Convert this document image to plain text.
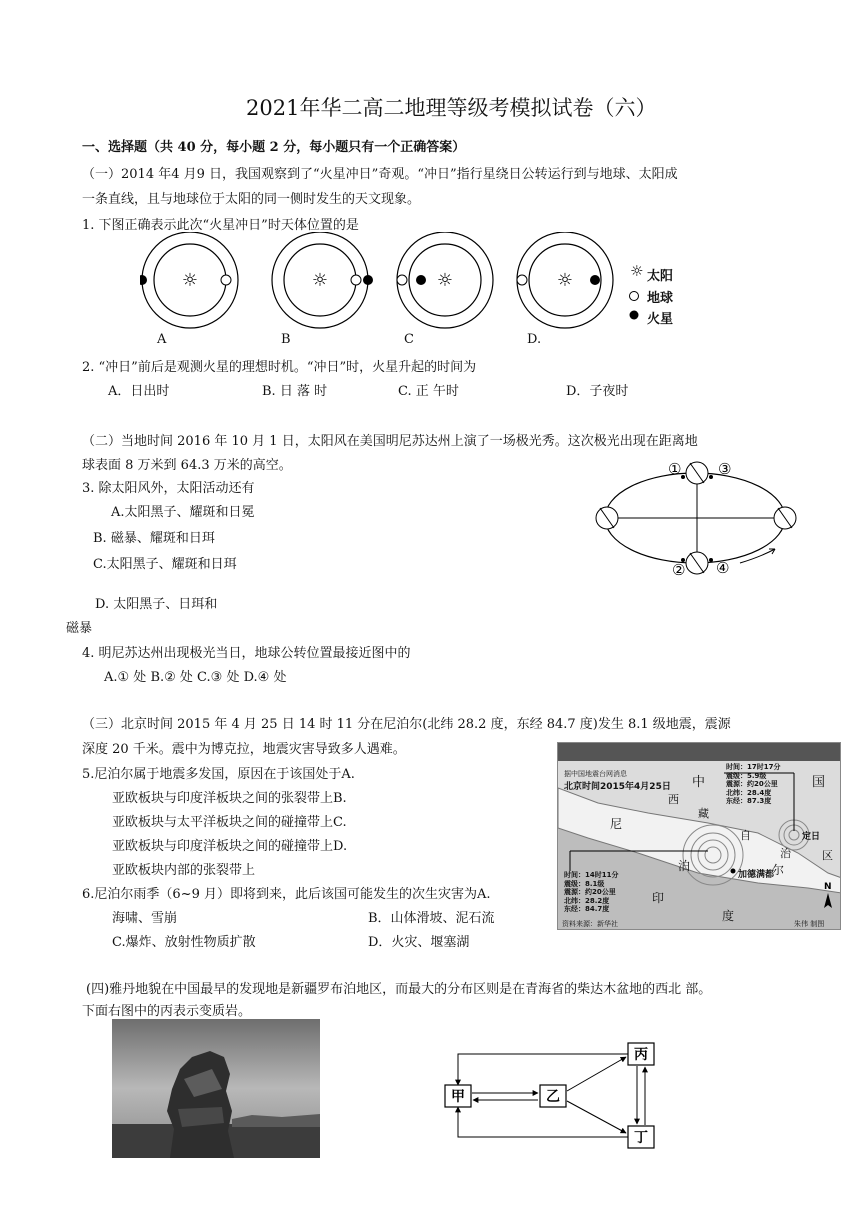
2021年华二高二地理等级考模拟试卷（六）
一、选择题（共 40 分，每小题 2 分，每小题只有一个正确答案）
（一）2014 年4 月9 日，我国观察到了“火星冲日”奇观。“冲日”指行星绕日公转运行到与地球、太阳成
一条直线，且与地球位于太阳的同一侧时发生的天文现象。
1. 下图正确表示此次“火星冲日”时天体位置的是
☼	☼	☼	☼	☼ 太阳
地球
火星
A	B	C	D.
2. “冲日”前后是观测火星的理想时机。“冲日”时，火星升起的时间为
A．日出时	B. 日 落 时	C. 正 午时	D．子夜时
（二）当地时间 2016 年 10 月 1 日，太阳风在美国明尼苏达州上演了一场极光秀。这次极光出现在距离地
球表面 8 万米到 64.3 万米的高空。
3. 除太阳风外，太阳活动还有
A.太阳黑子、耀斑和日冕
B. 磁暴、耀斑和日珥
C.太阳黑子、耀斑和日珥
D. 太阳黑子、日珥和
磁暴
① ③
② ④
4. 明尼苏达州出现极光当日，地球公转位置最接近图中的
A.① 处 B.② 处 C.③ 处 D.④ 处
（三）北京时间 2015 年 4 月 25 日 14 时 11 分在尼泊尔(北纬 28.2 度，东经 84.7 度)发生 8.1 级地震，震源
深度 20 千米。震中为博克拉，地震灾害导致多人遇难。
5.尼泊尔属于地震多发国，原因在于该国处于A.
亚欧板块与印度洋板块之间的张裂带上B.
亚欧板块与太平洋板块之间的碰撞带上C.
亚欧板块与印度洋板块之间的碰撞带上D.
亚欧板块内部的张裂带上
6.尼泊尔雨季（6~9 月）即将到来，此后该国可能发生的次生灾害为A.
海啸、雪崩	B．山体滑坡、泥石流
C.爆炸、放射性物质扩散	D．火灾、堰塞湖
N
据中国地震台网消息
北京时间2015年4月25日 中	国
西
藏
自
治	区
尼
泊	尔
印
度
定日
加德满都
时间：17时17分
震级：5.9级
震源：约20公里
北纬：28.4度
东经：87.3度
时间：14时11分
震级：8.1级
震源：约20公里
北纬：28.2度
东经：84.7度
资料来源：新华社	朱伟 制图
(四)雅丹地貌在中国最早的发现地是新疆罗布泊地区，而最大的分布区则是在青海省的柴达木盆地的西北 部。
下面右图中的丙表示变质岩。
甲	乙
丙
丁
